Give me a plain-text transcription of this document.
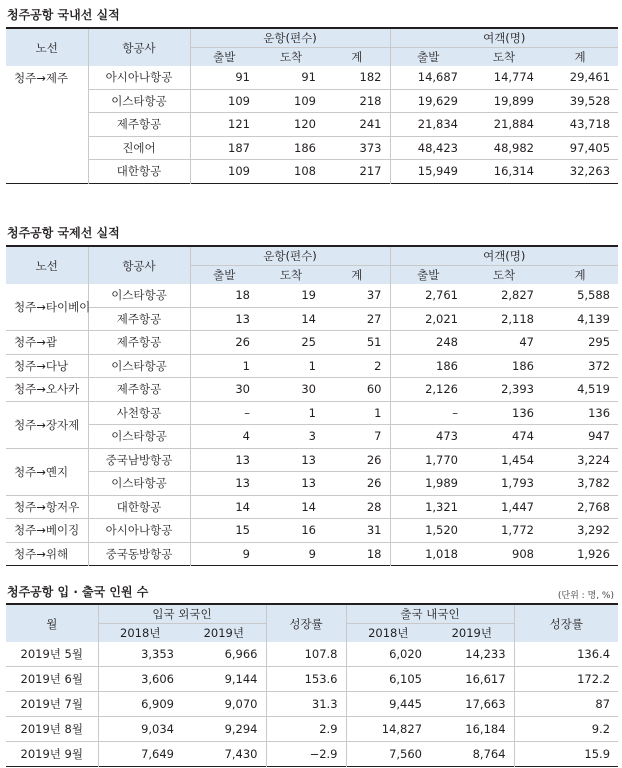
청주공항 국내선 실적
노선	항공사	운항(편수)			여객(명)		
		출발	도착	계	출발	도착	계
청주→제주	아시아나항공	91	91	182	14,687	14,774	29,461
	이스타항공	109	109	218	19,629	19,899	39,528
	제주항공	121	120	241	21,834	21,884	43,718
	진에어	187	186	373	48,423	48,982	97,405
	대한항공	109	108	217	15,949	16,314	32,263
청주공항 국제선 실적
노선	항공사	운항(편수)			여객(명)		
		출발	도착	계	출발	도착	계
청주→타이베이	이스타항공	18	19	37	2,761	2,827	5,588
	제주항공	13	14	27	2,021	2,118	4,139
청주→괌	제주항공	26	25	51	248	47	295
청주→다낭	이스타항공	1	1	2	186	186	372
청주→오사카	제주항공	30	30	60	2,126	2,393	4,519
청주→장자제	사천항공	–	1	1	–	136	136
	이스타항공	4	3	7	473	474	947
청주→옌지	중국남방항공	13	13	26	1,770	1,454	3,224
	이스타항공	13	13	26	1,989	1,793	3,782
청주→항저우	대한항공	14	14	28	1,321	1,447	2,768
청주→베이징	아시아나항공	15	16	31	1,520	1,772	3,292
청주→위해	중국동방항공	9	9	18	1,018	908	1,926
청주공항 입 · 출국 인원 수	(단위 : 명, %)
월	입국 외국인		성장률	출국 내국인		성장률
	2018년	2019년		2018년	2019년	
2019년 5월	3,353	6,966	107.8	6,020	14,233	136.4
2019년 6월	3,606	9,144	153.6	6,105	16,617	172.2
2019년 7월	6,909	9,070	31.3	9,445	17,663	87
2019년 8월	9,034	9,294	2.9	14,827	16,184	9.2
2019년 9월	7,649	7,430	−2.9	7,560	8,764	15.9
